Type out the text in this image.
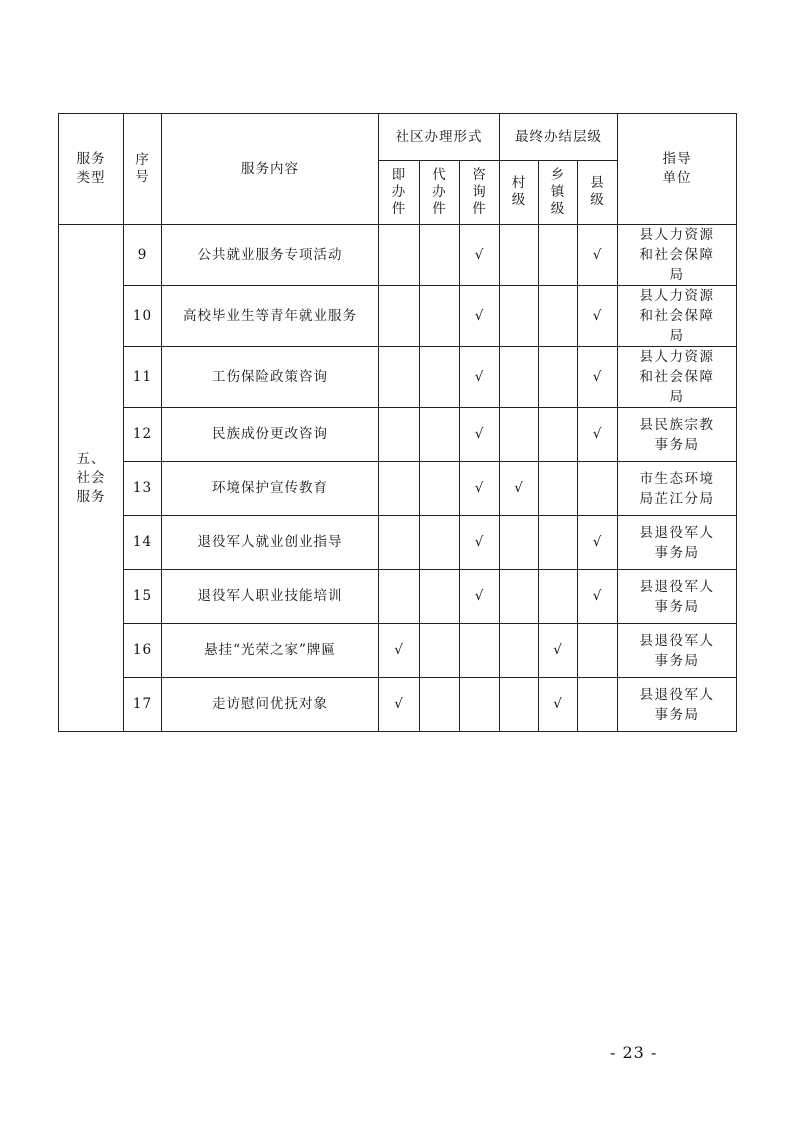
服务类型	序号	服务内容	社区办理形式			最终办结层级			指导单位
			即办件	代办件	咨询件	村级	乡镇级	县级	
五、社会服务	9	公共就业服务专项活动			√			√	县人力资源和社会保障局
	10	高校毕业生等青年就业服务			√			√	县人力资源和社会保障局
	11	工伤保险政策咨询			√			√	县人力资源和社会保障局
	12	民族成份更改咨询			√			√	县民族宗教事务局
	13	环境保护宣传教育			√	√			市生态环境局芷江分局
	14	退役军人就业创业指导			√			√	县退役军人事务局
	15	退役军人职业技能培训			√			√	县退役军人事务局
	16	悬挂“光荣之家”牌匾	√				√		县退役军人事务局
	17	走访慰问优抚对象	√				√		县退役军人事务局
- 23 -
